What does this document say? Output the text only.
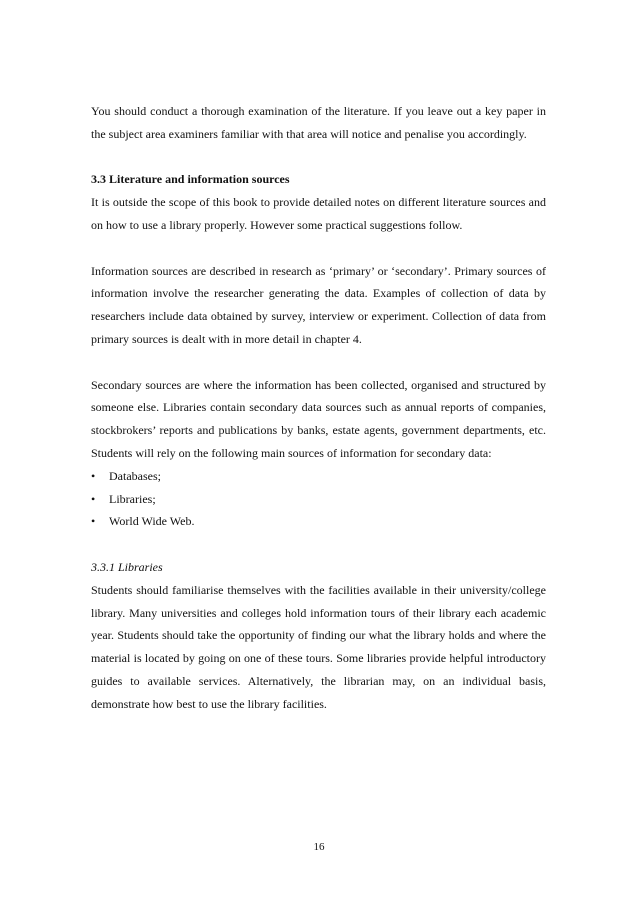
You should conduct a thorough examination of the literature. If you leave out a key paper in the subject area examiners familiar with that area will notice and penalise you accordingly.

3.3 Literature and information sources

It is outside the scope of this book to provide detailed notes on different literature sources and on how to use a library properly. However some practical suggestions follow.

Information sources are described in research as ‘primary’ or ‘secondary’. Primary sources of information involve the researcher generating the data. Examples of collection of data by researchers include data obtained by survey, interview or experiment. Collection of data from primary sources is dealt with in more detail in chapter 4.

Secondary sources are where the information has been collected, organised and structured by someone else. Libraries contain secondary data sources such as annual reports of companies, stockbrokers’ reports and publications by banks, estate agents, government departments, etc. Students will rely on the following main sources of information for secondary data:

• Databases;
• Libraries;
• World Wide Web.

3.3.1 Libraries

Students should familiarise themselves with the facilities available in their university/college library. Many universities and colleges hold information tours of their library each academic year. Students should take the opportunity of finding our what the library holds and where the material is located by going on one of these tours. Some libraries provide helpful introductory guides to available services. Alternatively, the librarian may, on an individual basis, demonstrate how best to use the library facilities.

16
